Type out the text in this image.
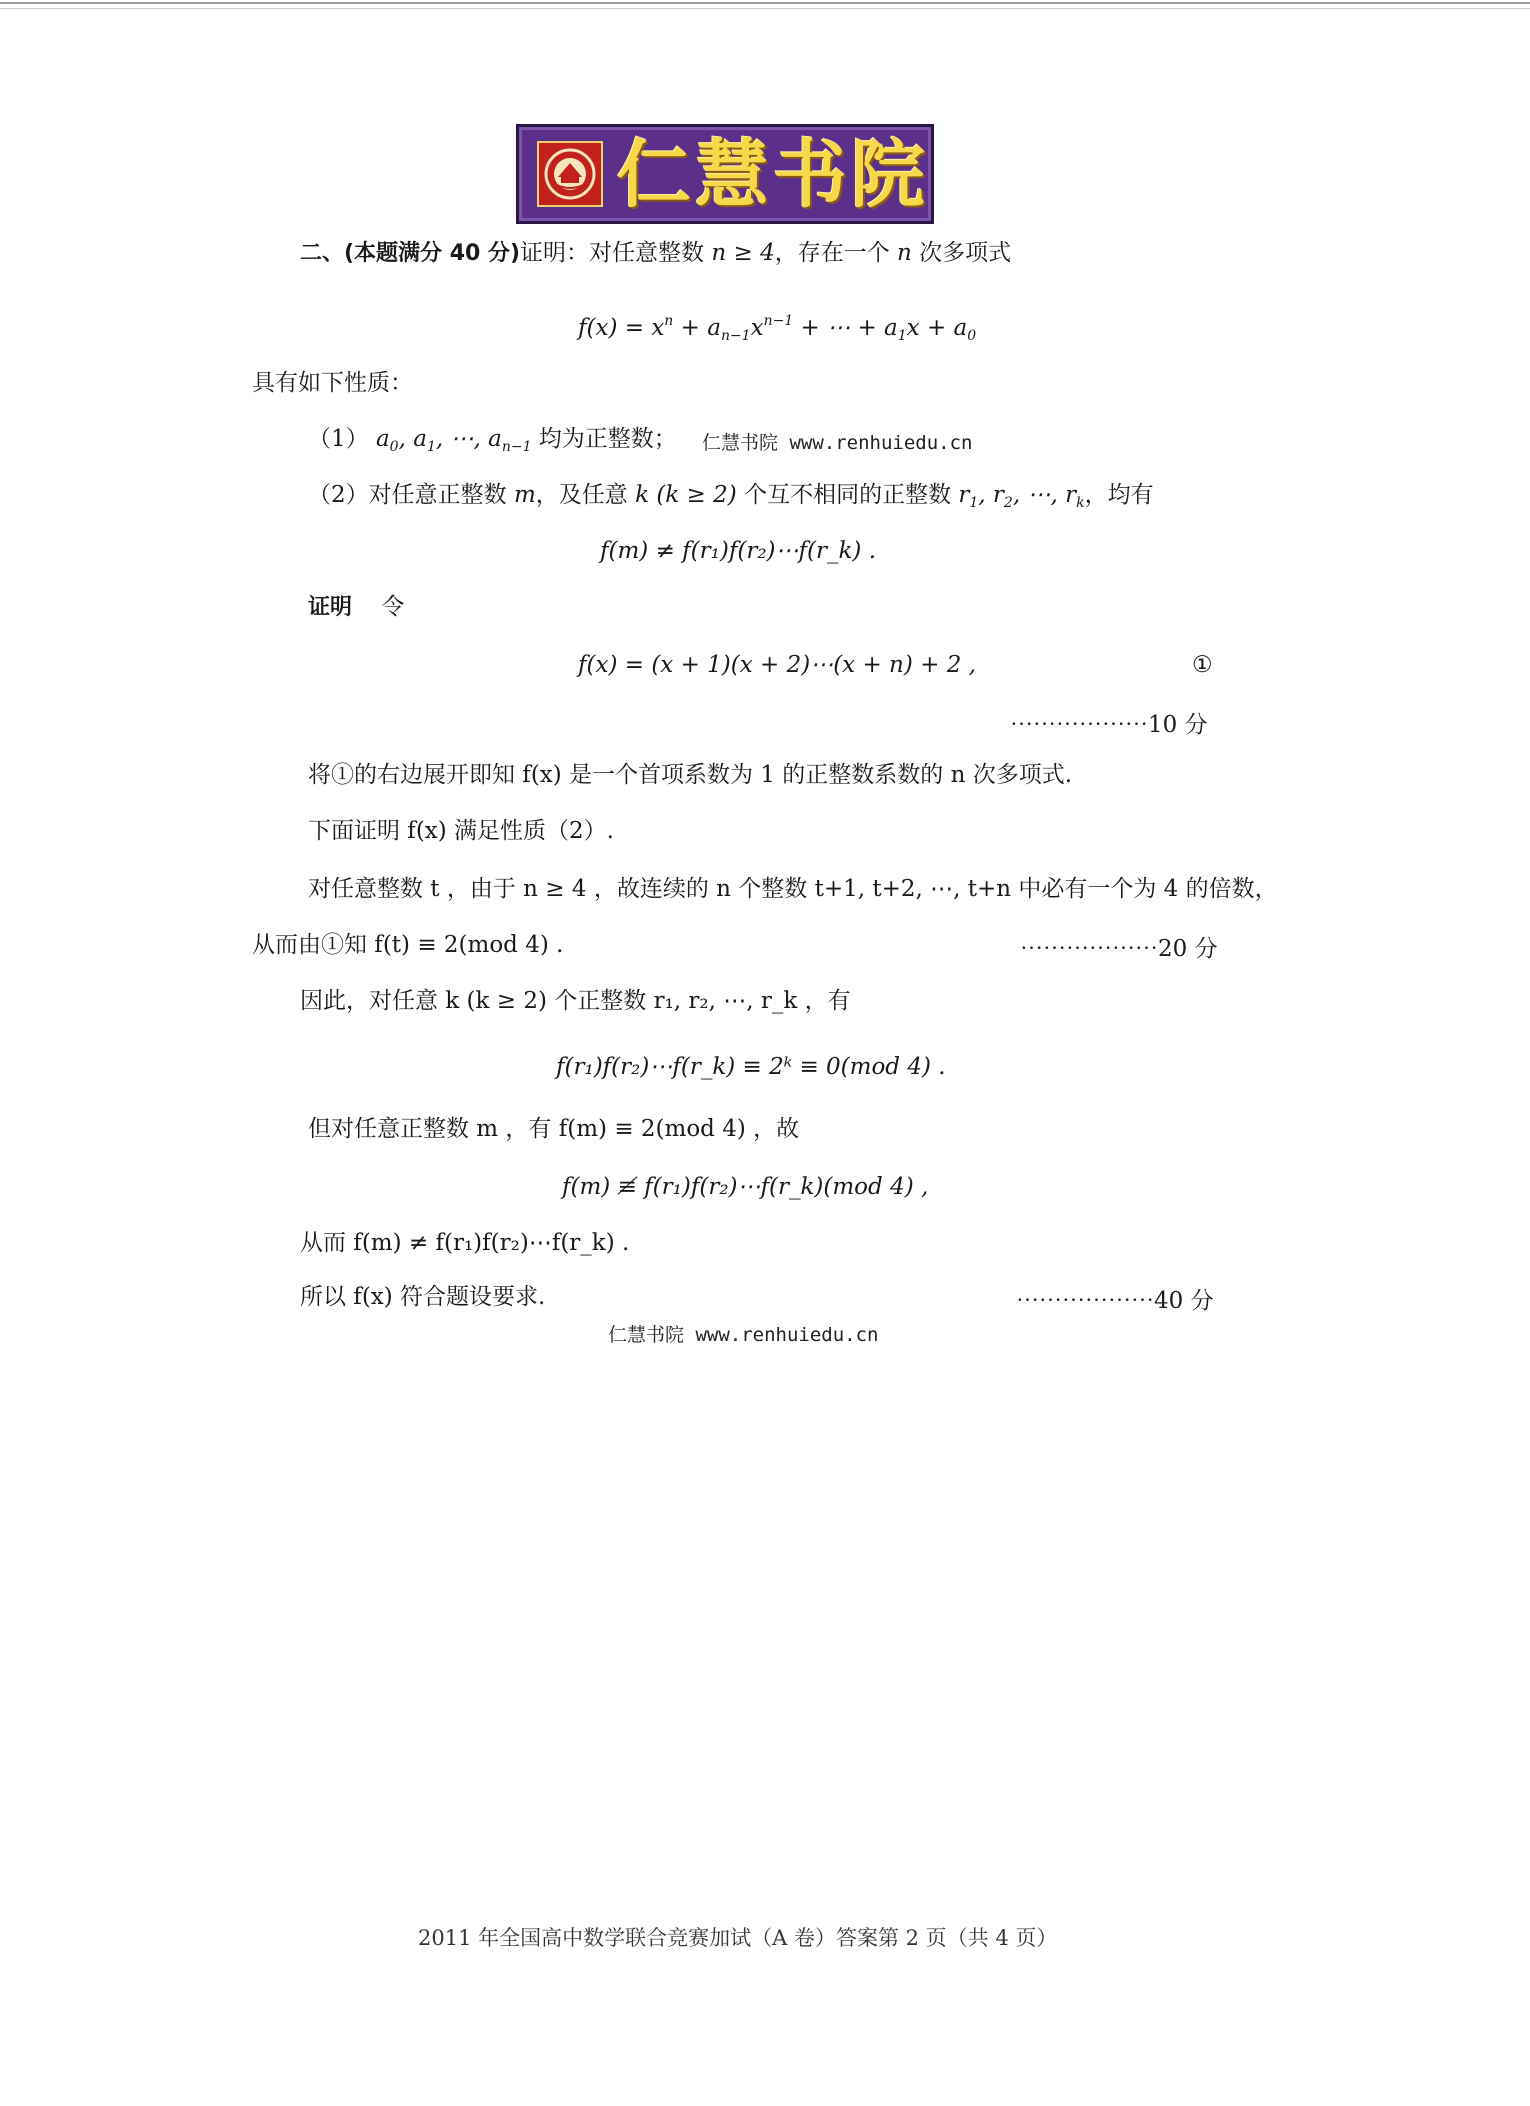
仁慧书院
二、(本题满分 40 分)证明：对任意整数 n ≥ 4，存在一个 n 次多项式
$f(x) = x^n + a_{n-1}x^{n-1}$ + ⋯ + $a_1x + a_0$
具有如下性质：
（1） $a_0$, $a_1$, ⋯, $a_{n-1}$ 均为正整数； 仁慧书院 www.renhuiedu.cn
（2）对任意正整数 m，及任意 k (k ≥ 2) 个互不相同的正整数 $r_1$, $r_2$, ⋯, $r_k$，均有
f(m) ≠ f(r₁)f(r₂)⋯f(r_k) .
证明 令
f(x) = (x + 1)(x + 2)⋯(x + n) + 2 ,	①
⋯⋯⋯⋯⋯⋯10 分
将①的右边展开即知 f(x) 是一个首项系数为 1 的正整数系数的 n 次多项式.
下面证明 f(x) 满足性质（2）.
对任意整数 t ，由于 n ≥ 4 ，故连续的 n 个整数 t+1, t+2, ⋯, t+n 中必有一个为 4 的倍数，
从而由①知 f(t) ≡ 2(mod 4) .	⋯⋯⋯⋯⋯⋯20 分
因此，对任意 k (k ≥ 2) 个正整数 r₁, r₂, ⋯, r_k ，有
f(r₁)f(r₂)⋯f(r_k) ≡ 2ᵏ ≡ 0(mod 4) .
但对任意正整数 m ，有 f(m) ≡ 2(mod 4) ，故
f(m) ≢ f(r₁)f(r₂)⋯f(r_k)(mod 4) ,
从而 f(m) ≠ f(r₁)f(r₂)⋯f(r_k) .
所以 f(x) 符合题设要求.	⋯⋯⋯⋯⋯⋯40 分
仁慧书院 www.renhuiedu.cn
2011 年全国高中数学联合竞赛加试（A 卷）答案第 2 页（共 4 页）
